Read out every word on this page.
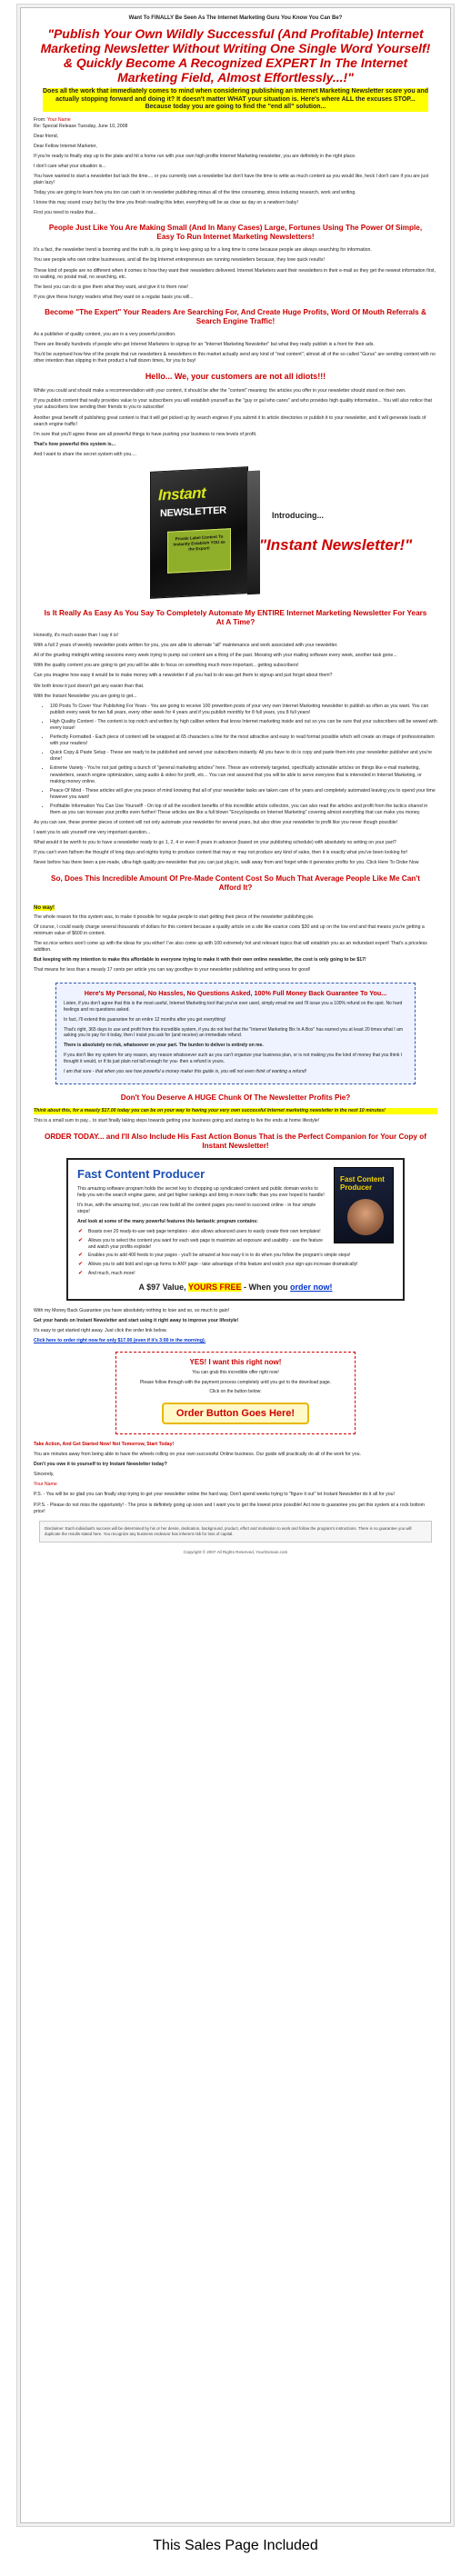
Want To FINALLY Be Seen As The Internet Marketing Guru You Know You Can Be?
"Publish Your Own Wildly Successful (And Profitable) Internet Marketing Newsletter Without Writing One Single Word Yourself! & Quickly Become A Recognized EXPERT In The Internet Marketing Field, Almost Effortlessly...!"
Does all the work that immediately comes to mind when considering publishing an Internet Marketing Newsletter scare you and actually stopping forward and doing it? It doesn't matter WHAT your situation is. Here's where ALL the excuses STOP... Because today you are going to find the "end all" solution...
From: Your Name
Re: Special Release Tuesday, June 10, 2008

Dear friend,

Dear Fellow Internet Marketer,

If you're ready to finally step up to the plate and hit a home run with your own high profile Internet Marketing newsletter, you are definitely in the right place.

I don't care what your situation is...

You have wanted to start a newsletter but lack the time.... or you currently own a newsletter but don't have the time to write as much content as you would like, heck I don't care if you are just plain lazy!

Today you are going to learn how you too can cash in on newsletter publishing minus all of the time consuming, stress inducing research, work and writing.

I know this may sound crazy but by the time you finish reading this letter, everything will be as clear as day on a newborn baby!

First you need to realize that...

People Just Like You Are Making Small (And In Many Cases) Large, Fortunes Using The Power Of Simple, Easy To Run Internet Marketing Newsletters!

It's a fact, the newsletter trend is booming and the truth is, its going to keep going up for a long time to come because people are always searching for information.

You see people who own online businesses, and all the big Internet entrepreneurs are running newsletters because, they love quick results!

These kind of people are no different when it comes to how they want their newsletters delivered. Internet Marketers want their newsletters in their e-mail so they get the newest information first, no waiting, no postal mail, no searching, etc.

The best you can do is give them what they want, and give it to them now!

If you give these hungry readers what they want on a regular basis you will...

Become "The Expert" Your Readers Are Searching For, And Create Huge Profits, Word Of Mouth Referrals & Search Engine Traffic!

As a publisher of quality content, you are in a very powerful position.

There are literally hundreds of people who get Internet Marketers to signup for an "Internet Marketing Newsletter" but what they really publish is a front for their ads.

You'd be surprised how few of the people that run newsletters & newsletters in this market actually send any kind of "real content"; almost all of the so called "Gurus" are sending content with no other intention than slipping in their product a half dozen times, for you to buy!

Hello... We, your customers are not all idiots!!!

While you could and should make a recommendation with your content, it should be after the "content" meaning: the articles you offer in your newsletter should stand on their own.

If you publish content that really provides value to your subscribers you will establish yourself as the "guy or gal who cares" and who provides high quality information... You will also notice that your subscribers love sending their friends to you to subscribe!

Another great benefit of publishing great content is that it will get picked up by search engines if you submit it to article directories or publish it to your newsletter, and it will generate loads of search engine traffic!

I'm sure that you'll agree these are all powerful things to have pushing your business to new levels of profit.

That's how powerful this system is...

And I want to share the secret system with you....

Instant
NEWSLETTER
Private Label Content To Instantly Establish YOU as the Expert!
Introducing...
"Instant Newsletter!"
Is It Really As Easy As You Say To Completely Automate My ENTIRE Internet Marketing Newsletter For Years At A Time?

Honestly, it's much easier than I say it is!

With a full 2 years of weekly newsletter posts written for you, you are able to alternate "all" maintenance and work associated with your newsletter.

All of the grueling midnight writing sessions every week trying to pump out content are a thing of the past. Messing with your mailing software every week, another task gone...

With the quality content you are going to get you will be able to focus on something much more important... getting subscribers!

Can you imagine how easy it would be to make money with a newsletter if all you had to do was get them to signup and just forget about them?

We both know it just doesn't get any easier than that.

With the Instant Newsletter you are going to get...

• 100 Posts To Cover Your Publishing For Years - You are going to receive 100 prewritten posts of your very own Internet Marketing newsletter to publish as often as you want. You can publish every week for two full years, every other week for 4 years and if you publish monthly for 8 full years, you 8 full years!
• High Quality Content - The content is top notch and written by high caliber writers that know Internet marketing inside and out so you can be sure that your subscribers will be wowed with every issue!
• Perfectly Formatted - Each piece of content will be wrapped at 65 characters a line for the most attractive and easy to read format possible which will create an image of professionalism with your readers!
• Quick Copy & Paste Setup - These are ready to be published and served your subscribers instantly. All you have to do is copy and paste them into your newsletter publisher and you're done!
• Extreme Variety - You're not just getting a bunch of "general marketing articles" here. These are extremely targeted, specifically actionable articles on things like e-mail marketing, newsletters, search engine optimization, using audio & video for profit, etc... You can rest assured that you will be able to serve everyone that is interested in Internet Marketing, or making money online.
• Peace Of Mind - These articles will give you peace of mind knowing that all of your newsletter tasks are taken care of for years and completely automated leaving you to spend your time however you want!
• Profitable Information You Can Use Yourself! - On top of all the excellent benefits of this incredible article collection, you can also read the articles and profit from the tactics shared in them as you can increase your profits even further! These articles are like a full blown "Encyclopedia on Internet Marketing" covering almost everything that can make you money.

As you can see, these premier pieces of content will not only automate your newsletter for several years, but also drive your newsletter to profit like you never though possible!

I want you to ask yourself one very important question...

What would it be worth to you to have a newsletter ready to go 1, 2, 4 or even 8 years in advance (based on your publishing schedule) with absolutely no writing on your part?

If you can't even fathom the thought of long days and nights trying to produce content that may or may not produce any kind of sales, then it is exactly what you've been looking for!

Never before has there been a pre-made, ultra-high quality pre-newsletter that you can just plug in, walk away from and forget while it generates profits for you. Click Here To Order Now

So, Does This Incredible Amount Of Pre-Made Content Cost So Much That Average People Like Me Can't Afford It?
No way!

The whole reason for this system was, to make it possible for regular people to start getting their piece of the newsletter publishing pie.

Of course, I could easily charge several thousands of dollars for this content because a quality article on a site like ezarice costs $30 and up on the low end and that means you're getting a minimum value of $600 in content.

The ez.nice writers won't come up with the ideas for you either! I've also come up with 100 extremely hot and relevant topics that will establish you as an redundant expert! That's a priceless addition.

But keeping with my intention to make this affordable to everyone trying to make it with their own online newsletter, the cost is only going to be $17!

That means for less than a measly 17 cents per article you can say goodbye to your newsletter publishing and writing woes for good!

Here's My Personal, No Hassles, No Questions Asked, 100% Full Money Back Guarantee To You...

Listen, if you don't agree that this is the most useful, Internet Marketing tool that you've ever used, simply email me and I'll issue you a 100% refund on the spot. No hard feelings and no questions asked.

In fact, I'll extend this guarantee for an entire 12 months after you get everything!

That's right, 365 days to use and profit from this incredible system, if you do not feel that the "Internet Marketing Bix In A Box" has earned you at least 20 times what I am asking you to pay for it today, then I insist you ask for (and receive) an immediate refund.

There is absolutely no risk, whatsoever on your part. The burden to deliver is entirely on me.

If you don't like my system for any reason, any reason whatsoever such as you can't organize your business plan, or is not making you the kind of money that you think I thought it would, or if its just plain not tall enough for you- then a refund is yours.

I am that sure - that when you see how powerful a money maker this guide is, you will not even think of wanting a refund!

Don't You Deserve A HUGE Chunk Of The Newsletter Profits Pie?

Think about this, for a measly $17.00 today you can be on your way to having your very own successful Internet marketing newsletter in the next 10 minutes!

This is a small sum to pay... to start finally taking steps towards getting your business going and starting to live the ends at home lifestyle!

ORDER TODAY... and I'll Also Include His Fast Action Bonus That is the Perfect Companion for Your Copy of Instant Newsletter!
Fast Content Producer
Fast Content Producer

This amazing software program holds the secret key to chopping up syndicated content and public domain works to help you win the search engine game, and get higher rankings and bring in more traffic than you ever hoped to handle!

It's true, with the amazing tool, you can now build all the content pages you need to succeed online - in four simple steps!

And look at some of the many powerful features this fantastic program contains:

✔ Boasts over 20 ready-to-use web page templates - also allows advanced users to easily create their own templates!
✔ Allows you to select the content you want for each web page to maximize ad exposure and usability - use the feature and watch your profits explode!
✔ Enables you to add 400 feeds to your pages - you'll be amazed at how easy it is to do when you follow the program's simple steps!
✔ Allows you to add bold and sign-up forms to ANY page - take advantage of this feature and watch your sign-ups increase dramatically!
✔ And much, much more!
A $97 Value, YOURS FREE - When you order now!

With my Money Back Guarantee you have absolutely nothing to lose and so, so much to gain!

Get your hands on Instant Newsletter and start using it right away to improve your lifestyle!

It's easy to get started right away. Just click the order link below.

Click here to order right now for only $17.00 (even if it's 3:00 in the morning).

YES! I want this right now!

You can grab this incredible offer right now!

Please follow through with the payment process completely until you get to the download page.

Click on the button below:

Order Button Goes Here!

Take Action, And Get Started Now! Not Tomorrow, Start Today!

You are minutes away from being able to have the wheels rolling on your own successful Online business. Our guide will practically do all of the work for you.

Don't you owe it to yourself to try Instant Newsletter today?

Sincerely,

Your Name

P.S. - You will be so glad you can finally stop trying to get your newsletter online the hard way. Don't spend weeks trying to "figure it out" let Instant Newsletter do it all for you!

P.P.S. - Please do not miss the opportunity! - The price is definitely going up soon and I want you to get the lowest price possible! Act now to guarantee you get this system at a rock bottom price!

Disclaimer: Each individual's success will be determined by his or her desire, dedication, background, product, effort and motivation to work and follow the program's instructions. There is no guarantee you will duplicate the results stated here. You recognize any business endeavor has inherent risk for loss of capital.
Copyright © 2007 All Rights Reserved, YourDomain.com
This Sales Page Included
